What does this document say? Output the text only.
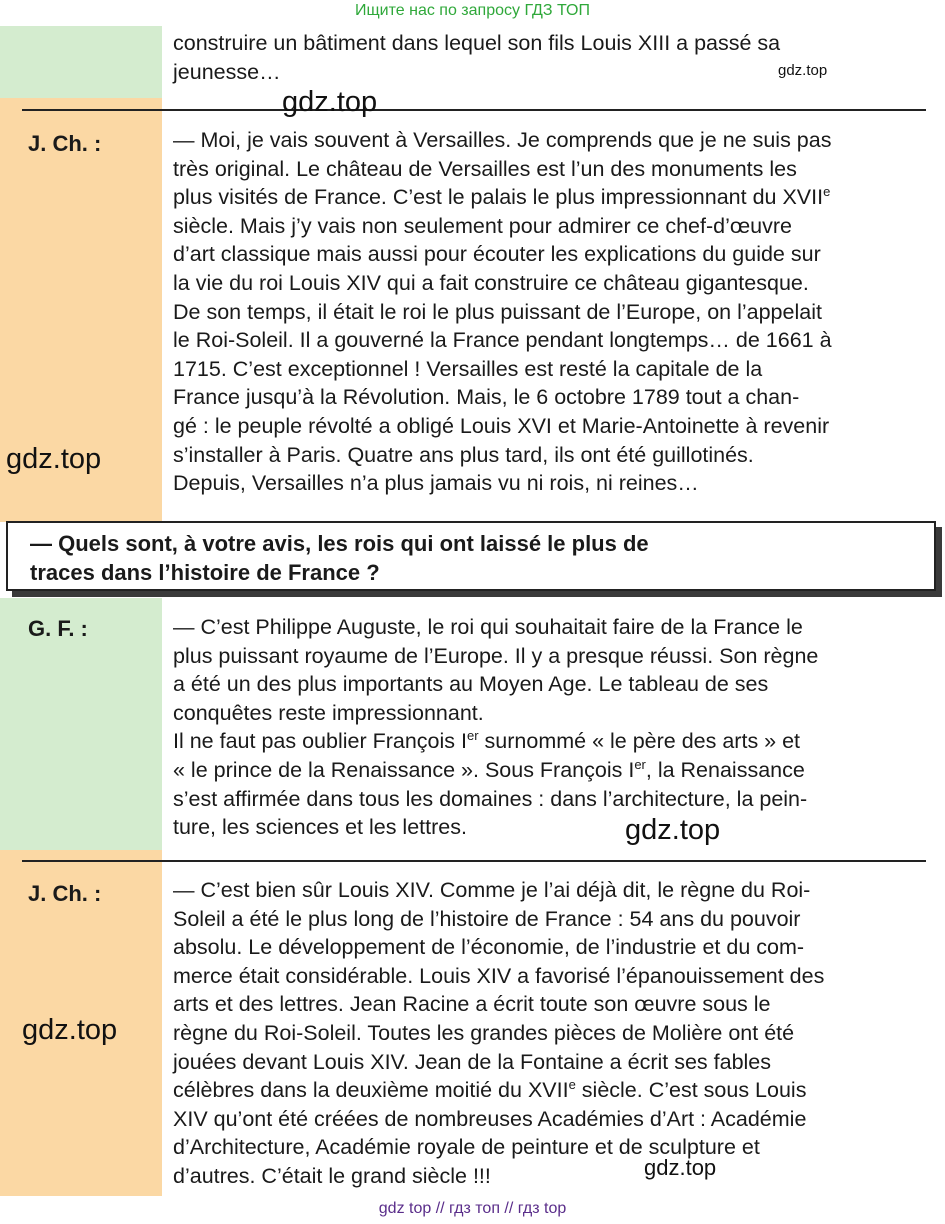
Ищите нас по запросу ГДЗ ТОП
gdz top // гдз топ // гдз top
construire un bâtiment dans lequel son fils Louis XIII a passé sa
jeunesse…
J. Ch. :	— Moi, je vais souvent à Versailles. Je comprends que je ne suis pas
très original. Le château de Versailles est l’un des monuments les
plus visités de France. C’est le palais le plus impressionnant du XVIIe
siècle. Mais j’y vais non seulement pour admirer ce chef-d’œuvre
d’art classique mais aussi pour écouter les explications du guide sur
la vie du roi Louis XIV qui a fait construire ce château gigantesque.
De son temps, il était le roi le plus puissant de l’Europe, on l’appelait
le Roi-Soleil. Il a gouverné la France pendant longtemps… de 1661 à
1715. C’est exceptionnel ! Versailles est resté la capitale de la
France jusqu’à la Révolution. Mais, le 6 octobre 1789 tout a chan-
gé : le peuple révolté a obligé Louis XVI et Marie-Antoinette à revenir
s’installer à Paris. Quatre ans plus tard, ils ont été guillotinés.
Depuis, Versailles n’a plus jamais vu ni rois, ni reines…
— Quels sont, à votre avis, les rois qui ont laissé le plus de
traces dans l’histoire de France ?
G. F. :	— C’est Philippe Auguste, le roi qui souhaitait faire de la France le
plus puissant royaume de l’Europe. Il y a presque réussi. Son règne
a été un des plus importants au Moyen Age. Le tableau de ses
conquêtes reste impressionnant.
Il ne faut pas oublier François Ier surnommé « le père des arts » et
« le prince de la Renaissance ». Sous François Ier, la Renaissance
s’est affirmée dans tous les domaines : dans l’architecture, la pein-
ture, les sciences et les lettres.
J. Ch. :	— C’est bien sûr Louis XIV. Comme je l’ai déjà dit, le règne du Roi-
Soleil a été le plus long de l’histoire de France : 54 ans du pouvoir
absolu. Le développement de l’économie, de l’industrie et du com-
merce était considérable. Louis XIV a favorisé l’épanouissement des
arts et des lettres. Jean Racine a écrit toute son œuvre sous le
règne du Roi-Soleil. Toutes les grandes pièces de Molière ont été
jouées devant Louis XIV. Jean de la Fontaine a écrit ses fables
célèbres dans la deuxième moitié du XVIIe siècle. C’est sous Louis
XIV qu’ont été créées de nombreuses Académies d’Art : Académie
d’Architecture, Académie royale de peinture et de sculpture et
d’autres. C’était le grand siècle !!!
gdz.top
gdz.top
gdz.top
gdz.top
gdz.top
gdz.top
